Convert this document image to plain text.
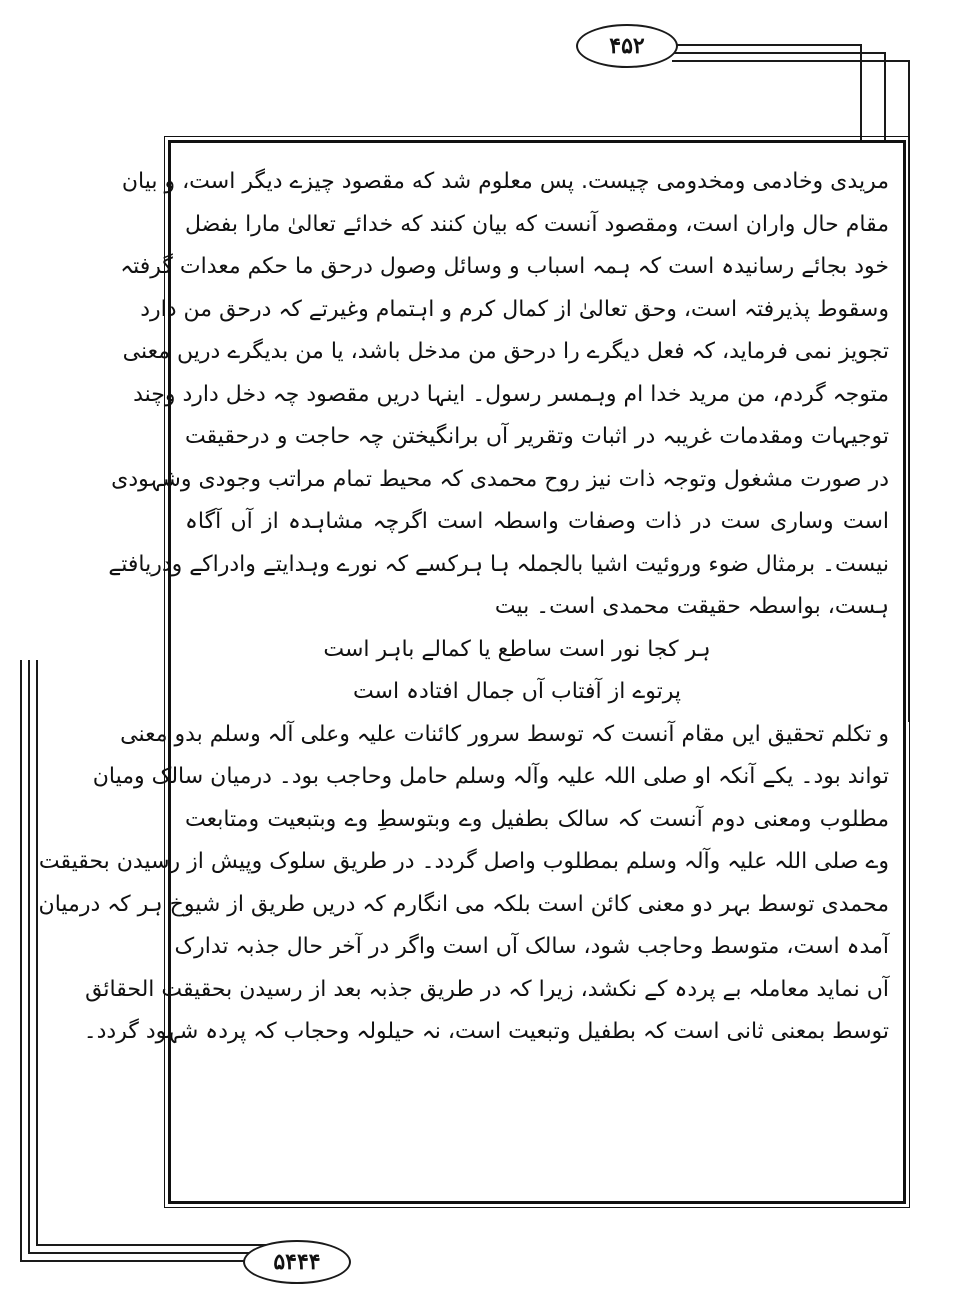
۴۵۲
مریدی وخادمی ومخدومی چیست. پس معلوم شد که مقصود چیزے دیگر است، و بیان
مقام حال واران است، ومقصود آنست که بیان کنند که خدائے تعالیٰ مارا بفضل
خود بجائے رسانیدہ است کہ ہمہ اسباب و وسائل وصول درحق ما حکم معدات گرفتہ
وسقوط پذیرفتہ است، وحق تعالیٰ از کمال کرم و اہتمام وغیرتے کہ درحق من دارد
تجویز نمی فرماید، کہ فعل دیگرے را درحق من مدخل باشد، یا من بدیگرے دریں معنی
متوجہ گردم، من مرید خدا ام وہمسر رسول۔ اینہا دریں مقصود چہ دخل دارد وچند
توجیہات ومقدمات غریبہ در اثبات وتقریر آں برانگیختن چہ حاجت و درحقیقت
در صورت مشغول وتوجہ ذات نیز روح محمدی کہ محیط تمام مراتب وجودی وشہودی
است وساری ست در ذات وصفات واسطہ است اگرچہ مشاہدہ از آں آگاہ
نیست۔ برمثال ضوء وروئیت اشیا بالجملہ ہا ہرکسے کہ نورے وہدایتے وادراکے ودریافتے
ہست، بواسطہ حقیقت محمدی است۔ بیت
ہر کجا نور است ساطع یا کمالے باہر است
پرتوے از آفتاب آں جمال افتادہ است
و تکلم تحقیق ایں مقام آنست کہ توسط سرور کائنات علیہ وعلی آلہ وسلم بدو معنی
تواند بود۔ یکے آنکہ او صلی اللہ علیہ وآلہ وسلم حامل وحاجب بود۔ درمیان سالک ومیان
مطلوب ومعنی دوم آنست کہ سالک بطفیل وے وبتوسطِ وے وبتبعیت ومتابعت
وے صلی اللہ علیہ وآلہ وسلم بمطلوب واصل گردد۔ در طریق سلوک وپیش از رسیدن بحقیقت
محمدی توسط بہر دو معنی کائن است بلکہ می انگارم کہ دریں طریق از شیوخ ہر کہ درمیان
آمدہ است، متوسط وحاجب شود، سالک آں است واگر در آخر حال جذبہ تدارک
آں نماید معاملہ بے پردہ کے نکشد، زیرا کہ در طریق جذبہ بعد از رسیدن بحقیقت الحقائق
توسط بمعنی ثانی است کہ بطفیل وتبعیت است، نہ حیلولہ وحجاب کہ پردہ شہود گردد۔
۵۴۴۴
